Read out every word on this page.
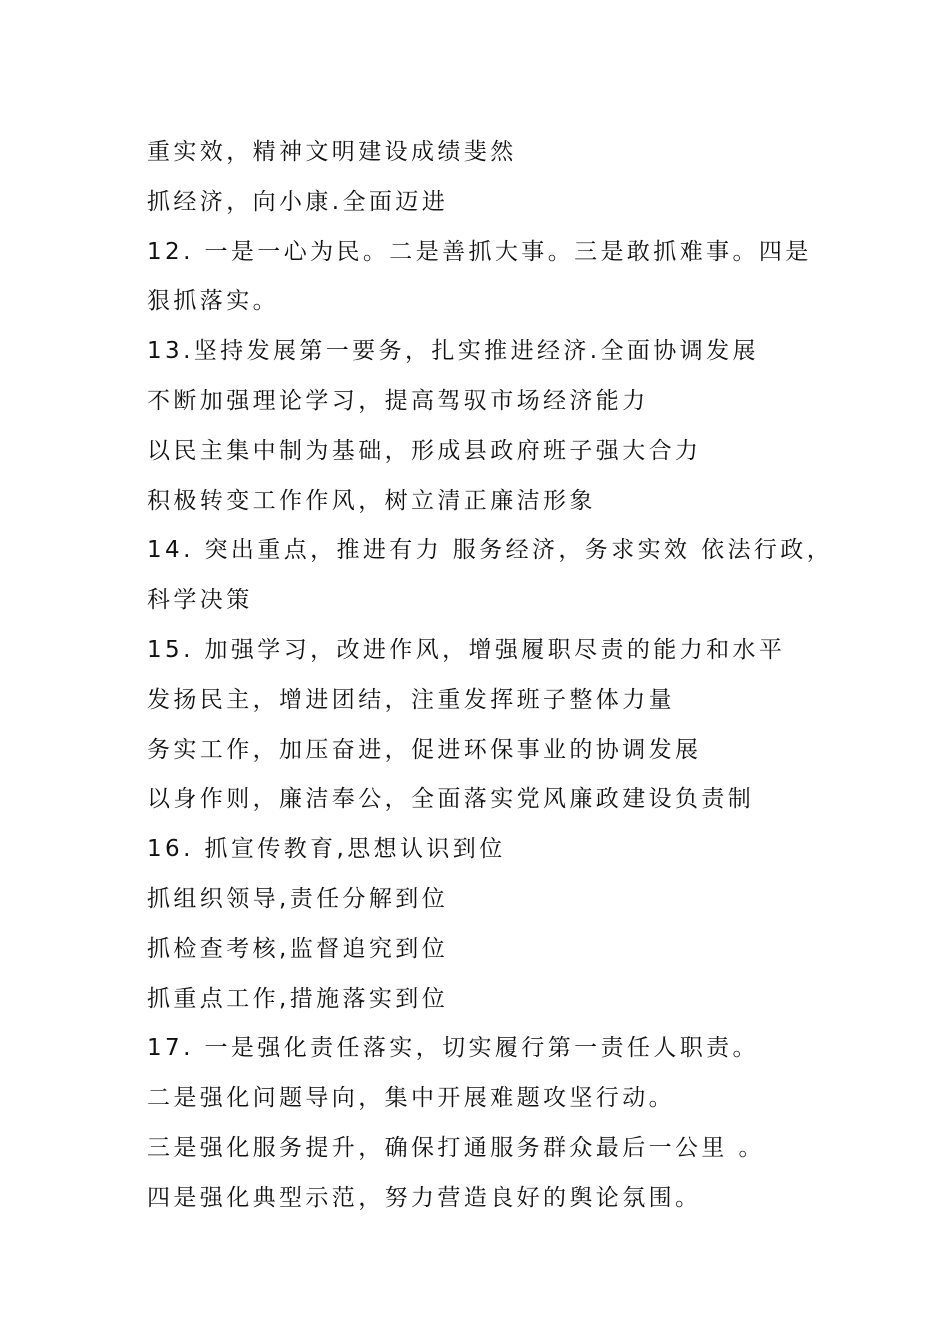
重实效，精神文明建设成绩斐然
抓经济，向小康.全面迈进
12. 一是一心为民。二是善抓大事。三是敢抓难事。四是
狠抓落实。
13.坚持发展第一要务，扎实推进经济.全面协调发展
不断加强理论学习，提高驾驭市场经济能力
以民主集中制为基础，形成县政府班子强大合力
积极转变工作作风，树立清正廉洁形象
14. 突出重点，推进有力 服务经济，务求实效 依法行政，
科学决策
15. 加强学习，改进作风，增强履职尽责的能力和水平
发扬民主，增进团结，注重发挥班子整体力量
务实工作，加压奋进，促进环保事业的协调发展
以身作则，廉洁奉公，全面落实党风廉政建设负责制
16. 抓宣传教育,思想认识到位
抓组织领导,责任分解到位
抓检查考核,监督追究到位
抓重点工作,措施落实到位
17. 一是强化责任落实，切实履行第一责任人职责。
二是强化问题导向，集中开展难题攻坚行动。
三是强化服务提升，确保打通服务群众最后一公里 。
四是强化典型示范，努力营造良好的舆论氛围。
